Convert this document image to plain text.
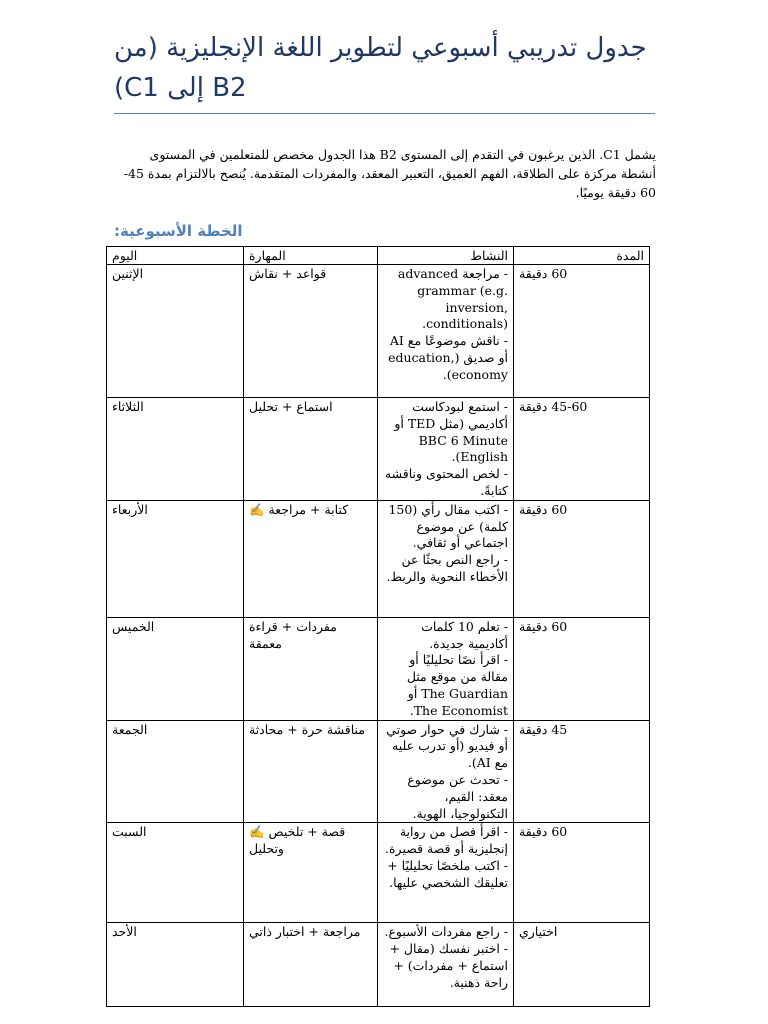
جدول تدريبي أسبوعي لتطوير اللغة الإنجليزية (من B2 إلى C1)

يشمل C1. الذين يرغبون في التقدم إلى المستوى B2 هذا الجدول مخصص للمتعلمين في المستوى أنشطة مركزة على الطلاقة، الفهم العميق، التعبير المعقد، والمفردات المتقدمة. يُنصح بالالتزام بمدة 45-60 دقيقة يوميًا.

الخطة الأسبوعية:
اليوم	المهارة	النشاط	المدة
الإثنين	قواعد + نقاش	- مراجعة advanced grammar (e.g. inversion, conditionals).
- ناقش موضوعًا مع AI أو صديق (education, economy).	60 دقيقة
الثلاثاء	استماع + تحليل	- استمع لبودكاست أكاديمي (مثل TED أو BBC 6 Minute English).
- لخص المحتوى وناقشه كتابةً.	45-60 دقيقة
الأربعاء	كتابة + مراجعة ✍️	- اكتب مقال رأي (150 كلمة) عن موضوع اجتماعي أو ثقافي.
- راجع النص بحثًا عن الأخطاء النحوية والربط.	60 دقيقة
الخميس	مفردات + قراءة معمقة	- تعلم 10 كلمات أكاديمية جديدة.
- اقرأ نصًا تحليليًا أو مقالة من موقع مثل The Guardian أو The Economist.	60 دقيقة
الجمعة	مناقشة حرة + محادثة	- شارك في حوار صوتي أو فيديو (أو تدرب عليه مع AI).
- تحدث عن موضوع معقد: القيم، التكنولوجيا، الهوية.	45 دقيقة
السبت	قصة + تلخيص ✍️ وتحليل	- اقرأ فصل من رواية إنجليزية أو قصة قصيرة.
- اكتب ملخصًا تحليليًا + تعليقك الشخصي عليها.	60 دقيقة
الأحد	مراجعة + اختبار ذاتي	- راجع مفردات الأسبوع.
- اختبر نفسك (مقال + استماع + مفردات) + راحة ذهنية.	اختياري
